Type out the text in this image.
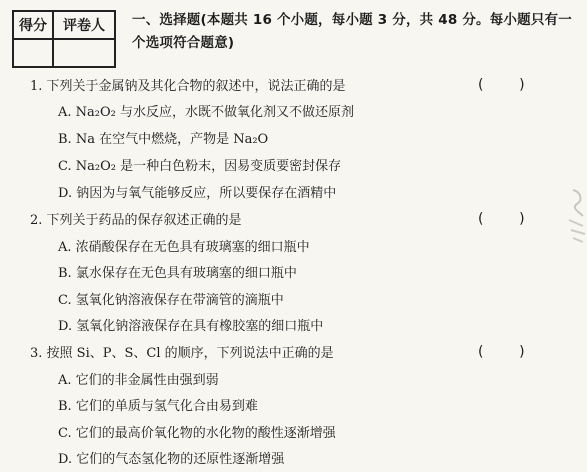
得分	评卷人
	一、选择题(本题共 16 个小题，每小题 3 分，共 48 分。每小题只有一
个选项符合题意)
1. 下列关于金属钠及其化合物的叙述中，说法正确的是	(        )
A. Na₂O₂ 与水反应，水既不做氧化剂又不做还原剂
B. Na 在空气中燃烧，产物是 Na₂O
C. Na₂O₂ 是一种白色粉末，因易变质要密封保存
D. 钠因为与氧气能够反应，所以要保存在酒精中
2. 下列关于药品的保存叙述正确的是	(        )
A. 浓硝酸保存在无色具有玻璃塞的细口瓶中
B. 氯水保存在无色具有玻璃塞的细口瓶中
C. 氢氧化钠溶液保存在带滴管的滴瓶中
D. 氢氧化钠溶液保存在具有橡胶塞的细口瓶中
3. 按照 Si、P、S、Cl 的顺序，下列说法中正确的是	(        )
A. 它们的非金属性由强到弱
B. 它们的单质与氢气化合由易到难
C. 它们的最高价氧化物的水化物的酸性逐渐增强
D. 它们的气态氢化物的还原性逐渐增强
